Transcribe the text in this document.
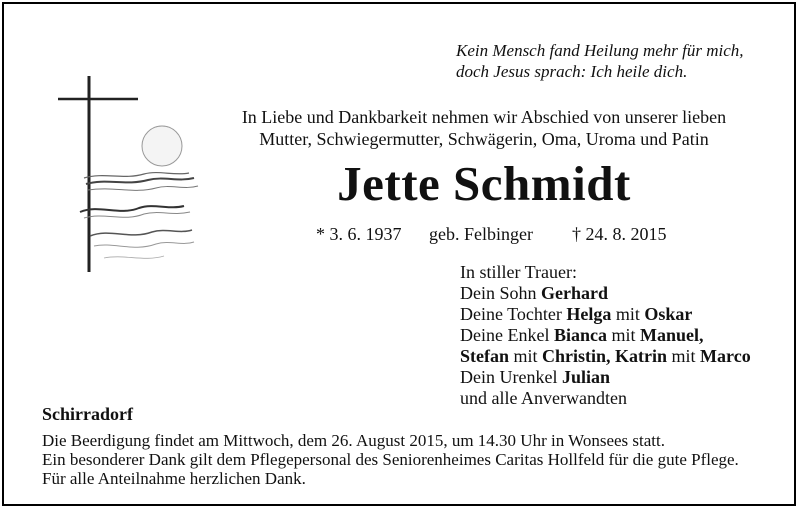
Kein Mensch fand Heilung mehr für mich,
doch Jesus sprach: Ich heile dich.
In Liebe und Dankbarkeit nehmen wir Abschied von unserer lieben
Mutter, Schwiegermutter, Schwägerin, Oma, Uroma und Patin
Jette Schmidt
* 3. 6. 1937 geb. Felbinger † 24. 8. 2015
In stiller Trauer:
Dein Sohn Gerhard
Deine Tochter Helga mit Oskar
Deine Enkel Bianca mit Manuel,
Stefan mit Christin, Katrin mit Marco
Dein Urenkel Julian
und alle Anverwandten
Schirradorf
Die Beerdigung findet am Mittwoch, dem 26. August 2015, um 14.30 Uhr in Wonsees statt.
Ein besonderer Dank gilt dem Pflegepersonal des Seniorenheimes Caritas Hollfeld für die gute Pflege.
Für alle Anteilnahme herzlichen Dank.
